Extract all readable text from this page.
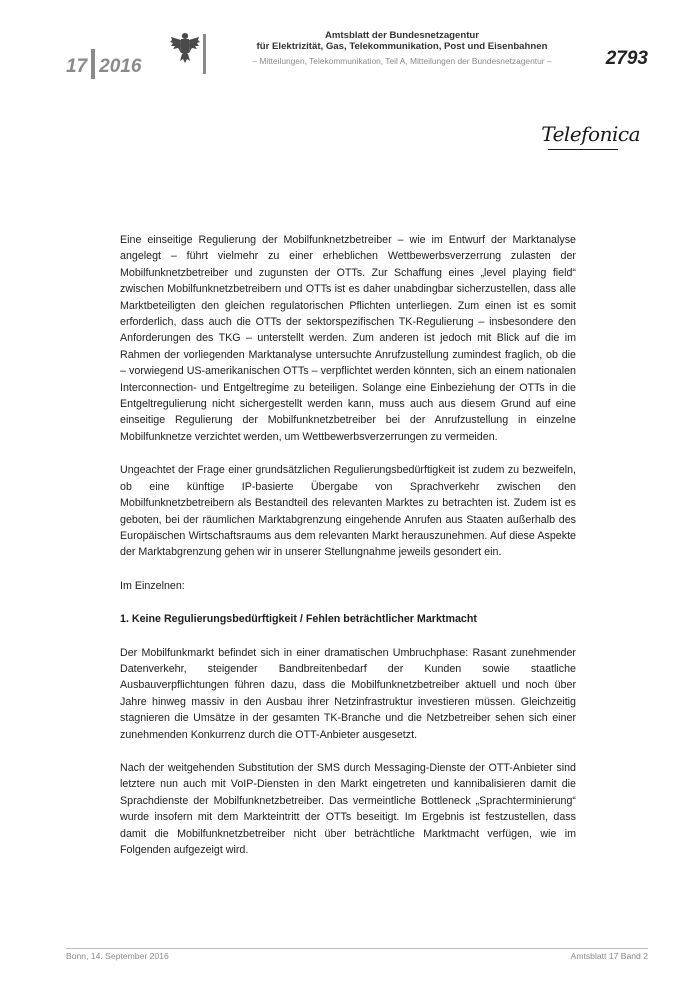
17 2016
Amtsblatt der Bundesnetzagentur
für Elektrizität, Gas, Telekommunikation, Post und Eisenbahnen
– Mitteilungen, Telekommunikation, Teil A, Mitteilungen der Bundesnetzagentur –	2793
Telefonica

Eine einseitige Regulierung der Mobilfunknetzbetreiber – wie im Entwurf der Marktanalyse angelegt – führt vielmehr zu einer erheblichen Wettbewerbsverzerrung zulasten der Mobilfunknetzbetreiber und zugunsten der OTTs. Zur Schaffung eines „level playing field“ zwischen Mobilfunknetzbetreibern und OTTs ist es daher unabdingbar sicherzustellen, dass alle Marktbeteiligten den gleichen regulatorischen Pflichten unterliegen. Zum einen ist es somit erforderlich, dass auch die OTTs der sektorspezifischen TK-Regulierung – insbesondere den Anforderungen des TKG – unterstellt werden. Zum anderen ist jedoch mit Blick auf die im Rahmen der vorliegenden Marktanalyse untersuchte Anrufzustellung zumindest fraglich, ob die – vorwiegend US-amerikanischen OTTs – verpflichtet werden könnten, sich an einem nationalen Interconnection- und Entgeltregime zu beteiligen. Solange eine Einbeziehung der OTTs in die Entgeltregulierung nicht sichergestellt werden kann, muss auch aus diesem Grund auf eine einseitige Regulierung der Mobilfunknetzbetreiber bei der Anrufzustellung in einzelne Mobilfunknetze verzichtet werden, um Wettbewerbsverzerrungen zu vermeiden.

Ungeachtet der Frage einer grundsätzlichen Regulierungsbedürftigkeit ist zudem zu bezweifeln, ob eine künftige IP-basierte Übergabe von Sprachverkehr zwischen den Mobilfunknetzbetreibern als Bestandteil des relevanten Marktes zu betrachten ist. Zudem ist es geboten, bei der räumlichen Marktabgrenzung eingehende Anrufen aus Staaten außerhalb des Europäischen Wirtschaftsraums aus dem relevanten Markt herauszunehmen. Auf diese Aspekte der Marktabgrenzung gehen wir in unserer Stellungnahme jeweils gesondert ein.

Im Einzelnen:

1. Keine Regulierungsbedürftigkeit / Fehlen beträchtlicher Marktmacht

Der Mobilfunkmarkt befindet sich in einer dramatischen Umbruchphase: Rasant zunehmender Datenverkehr, steigender Bandbreitenbedarf der Kunden sowie staatliche Ausbauverpflichtungen führen dazu, dass die Mobilfunknetzbetreiber aktuell und noch über Jahre hinweg massiv in den Ausbau ihrer Netzinfrastruktur investieren müssen. Gleichzeitig stagnieren die Umsätze in der gesamten TK-Branche und die Netzbetreiber sehen sich einer zunehmenden Konkurrenz durch die OTT-Anbieter ausgesetzt.

Nach der weitgehenden Substitution der SMS durch Messaging-Dienste der OTT-Anbieter sind letztere nun auch mit VoIP-Diensten in den Markt eingetreten und kannibalisieren damit die Sprachdienste der Mobilfunknetzbetreiber. Das vermeintliche Bottleneck „Sprachterminierung“ wurde insofern mit dem Markteintritt der OTTs beseitigt. Im Ergebnis ist festzustellen, dass damit die Mobilfunknetzbetreiber nicht über beträchtliche Marktmacht verfügen, wie im Folgenden aufgezeigt wird.

Bonn, 14. September 2016	Amtsblatt 17 Band 2
